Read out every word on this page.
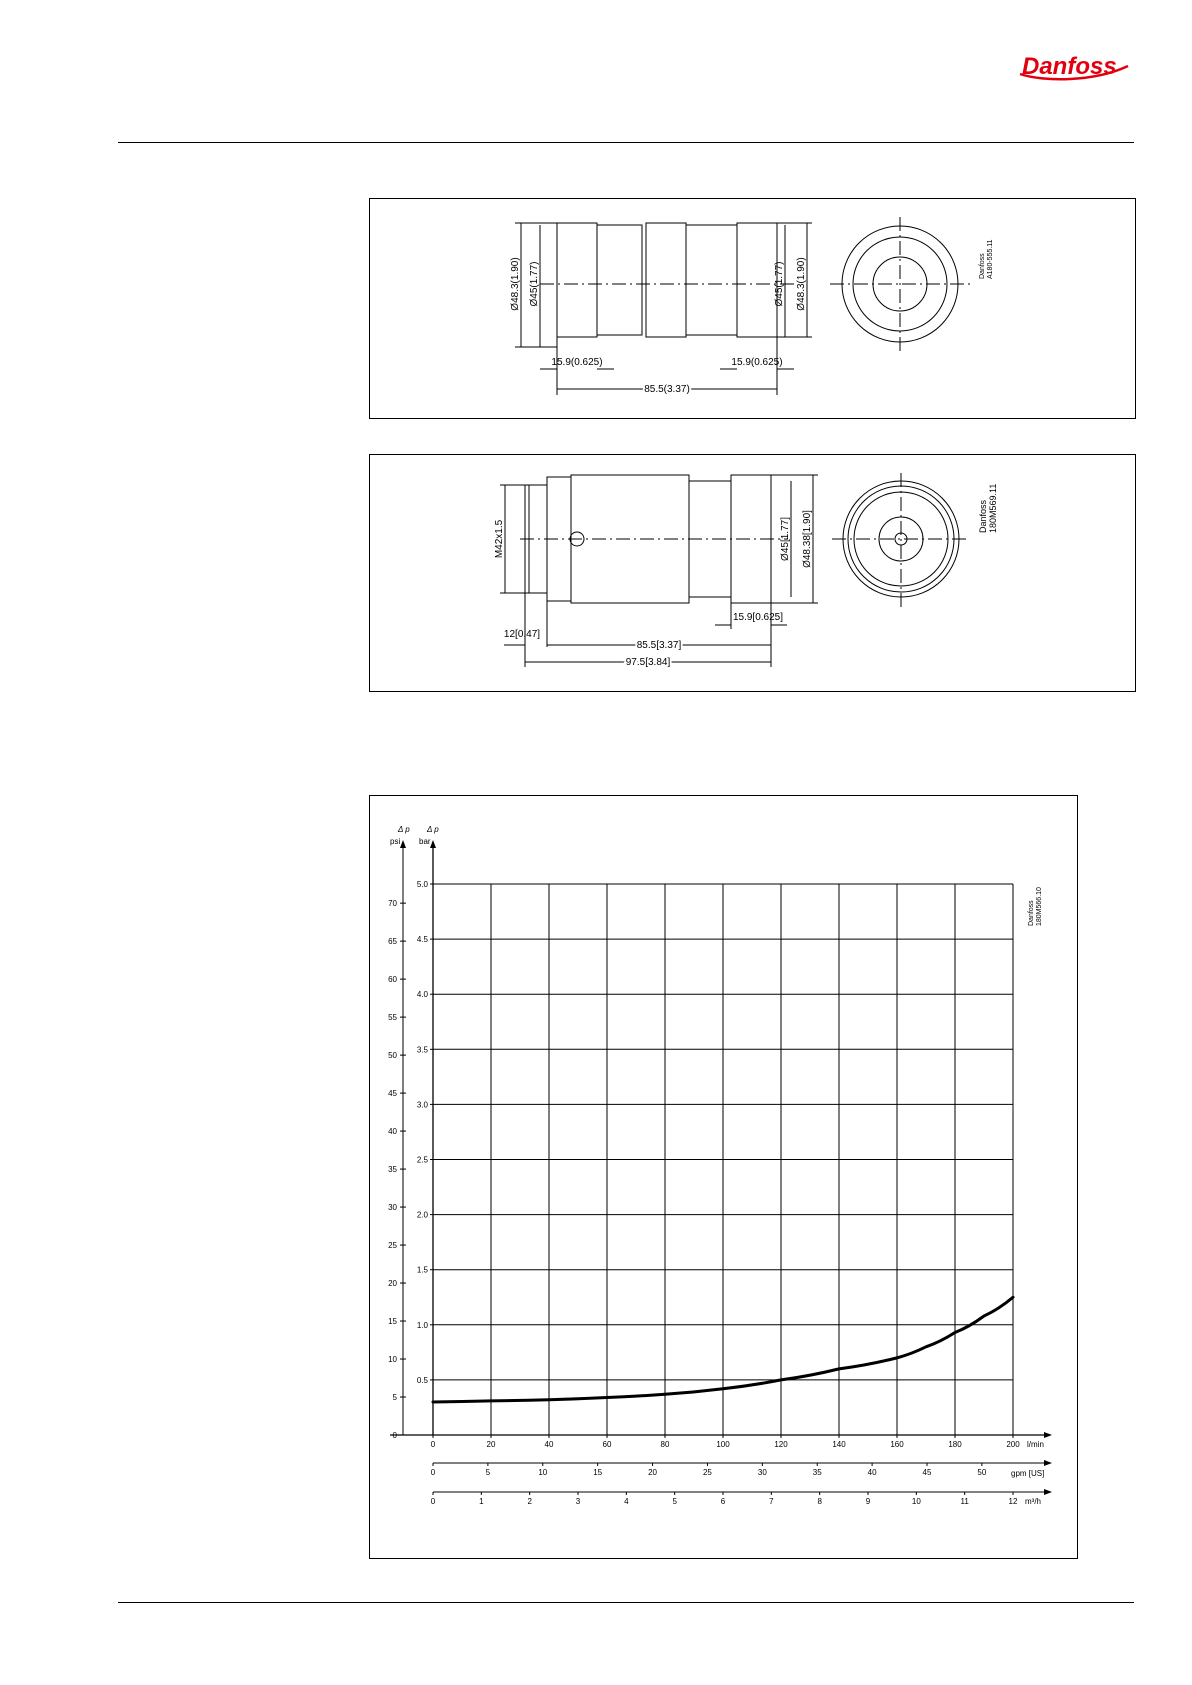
Danfoss
Ø48.3(1.90) Ø45(1.77)	Ø45(1.77) Ø48.3(1.90)
15.9(0.625)	15.9(0.625)
85.5(3.37)
Danfoss A180-555.11
M42x1.5	Ø45[1.77] Ø48.38[1.90]
15.9[0.625]
12[0.47]
85.5[3.37]
97.5[3.84]
Danfoss 180M569.11
Δ p
psi
Δ p
bar
Danfoss 180M566.10
l/min
gpm [US]
m³/h
0
5
10
15
20
25
30
35
40
45
50
55
60
65
70
0.5
1.0
1.5
2.0
2.5
3.0
3.5
4.0
4.5
5.0
0	20	40	60	80	100	120	140	160	180	200
0	5	10	15	20	25	30	35	40	45	50
0	1	2	3	4	5	6	7	8	9	10	11	12
